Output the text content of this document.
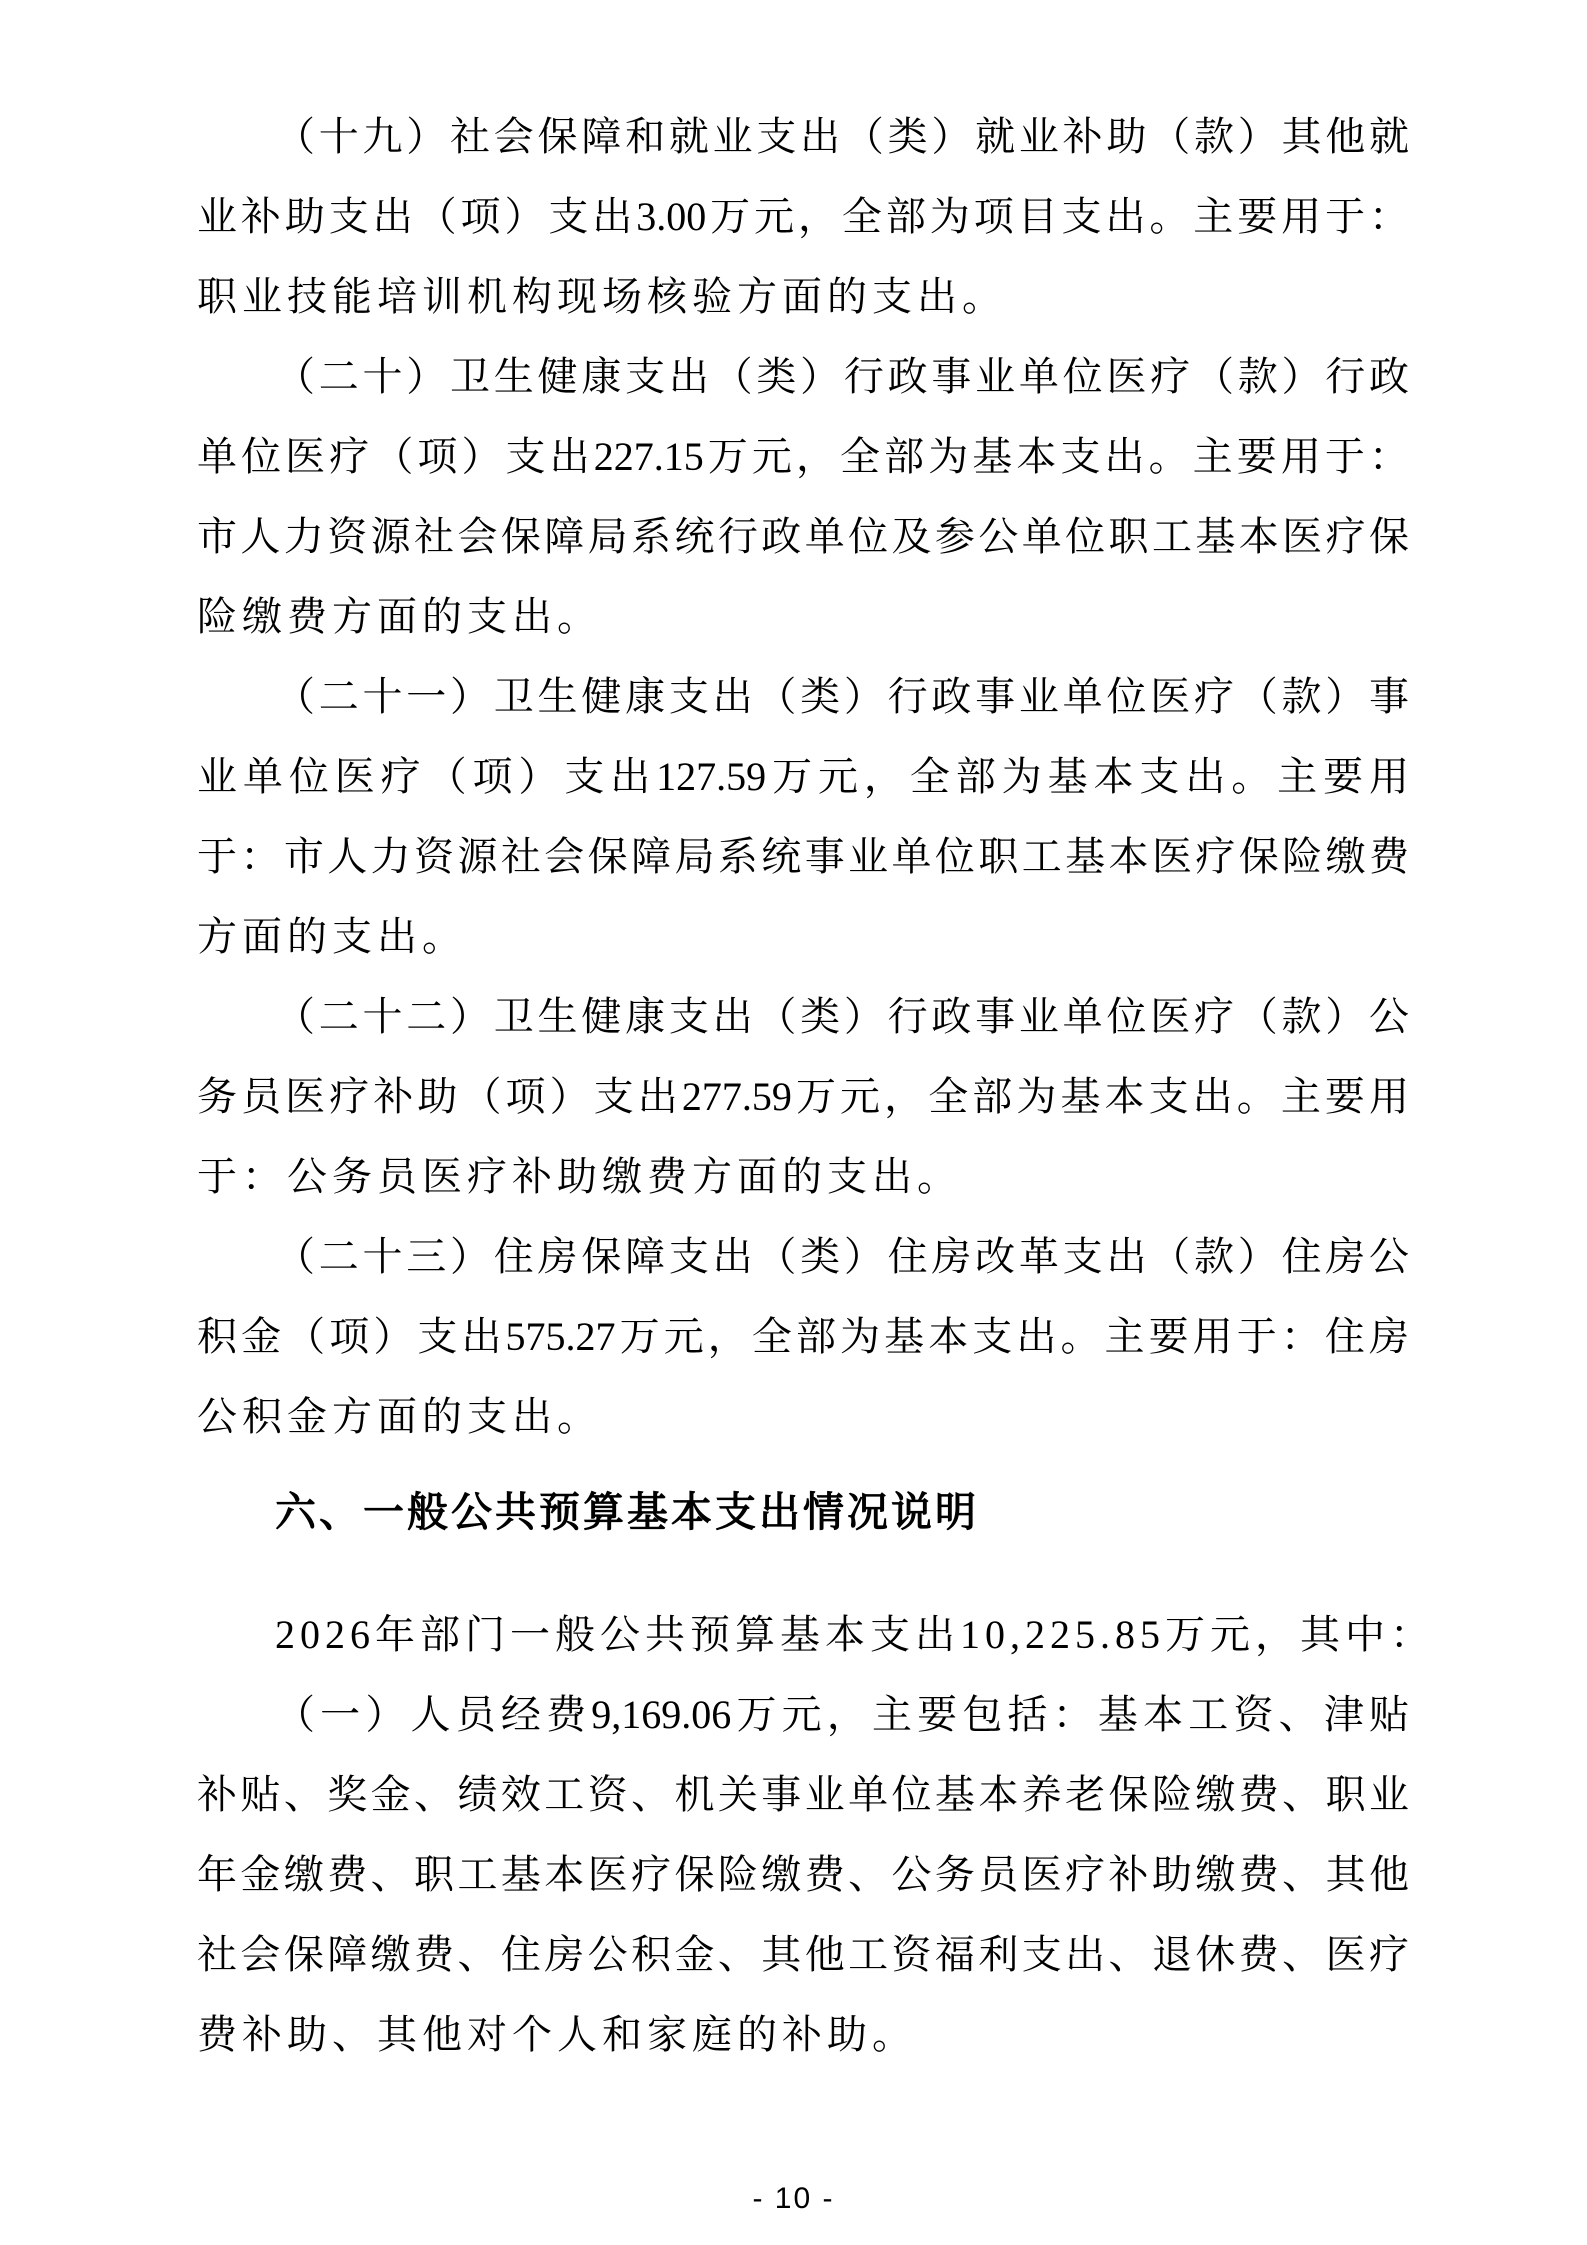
（十九）社会保障和就业支出（类）就业补助（款）其他就
业补助支出（项）支出3.00万元，全部为项目支出。主要用于：
职业技能培训机构现场核验方面的支出。
（二十）卫生健康支出（类）行政事业单位医疗（款）行政
单位医疗（项）支出227.15万元，全部为基本支出。主要用于：
市人力资源社会保障局系统行政单位及参公单位职工基本医疗保
险缴费方面的支出。
（二十一）卫生健康支出（类）行政事业单位医疗（款）事
业单位医疗（项）支出127.59万元，全部为基本支出。主要用
于：市人力资源社会保障局系统事业单位职工基本医疗保险缴费
方面的支出。
（二十二）卫生健康支出（类）行政事业单位医疗（款）公
务员医疗补助（项）支出277.59万元，全部为基本支出。主要用
于：公务员医疗补助缴费方面的支出。
（二十三）住房保障支出（类）住房改革支出（款）住房公
积金（项）支出575.27万元，全部为基本支出。主要用于：住房
公积金方面的支出。
六、一般公共预算基本支出情况说明
2026年部门一般公共预算基本支出10,225.85万元，其中：
（一）人员经费9,169.06万元，主要包括：基本工资、津贴
补贴、奖金、绩效工资、机关事业单位基本养老保险缴费、职业
年金缴费、职工基本医疗保险缴费、公务员医疗补助缴费、其他
社会保障缴费、住房公积金、其他工资福利支出、退休费、医疗
费补助、其他对个人和家庭的补助。
- 10 -
